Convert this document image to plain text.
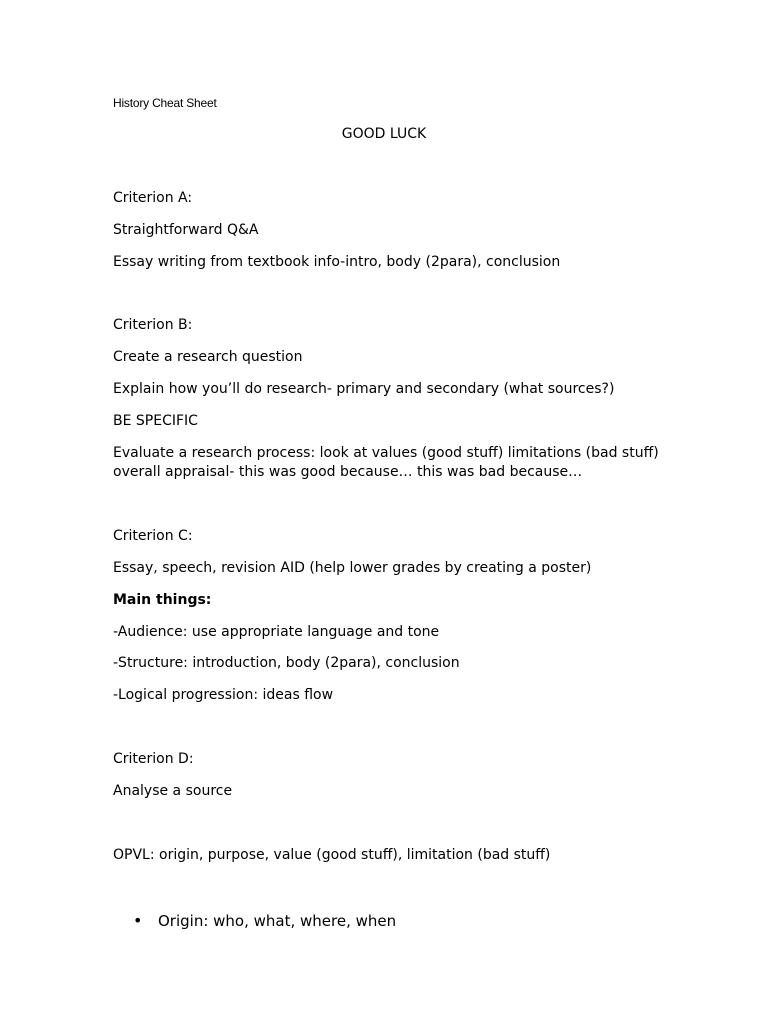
History Cheat Sheet
GOOD LUCK
Criterion A:
Straightforward Q&A
Essay writing from textbook info-intro, body (2para), conclusion
Criterion B:
Create a research question
Explain how you’ll do research- primary and secondary (what sources?)
BE SPECIFIC
Evaluate a research process: look at values (good stuff) limitations (bad stuff)
overall appraisal- this was good because… this was bad because…
Criterion C:
Essay, speech, revision AID (help lower grades by creating a poster)
Main things:
-Audience: use appropriate language and tone
-Structure: introduction, body (2para), conclusion
-Logical progression: ideas flow
Criterion D:
Analyse a source
OPVL: origin, purpose, value (good stuff), limitation (bad stuff)
• Origin: who, what, where, when
